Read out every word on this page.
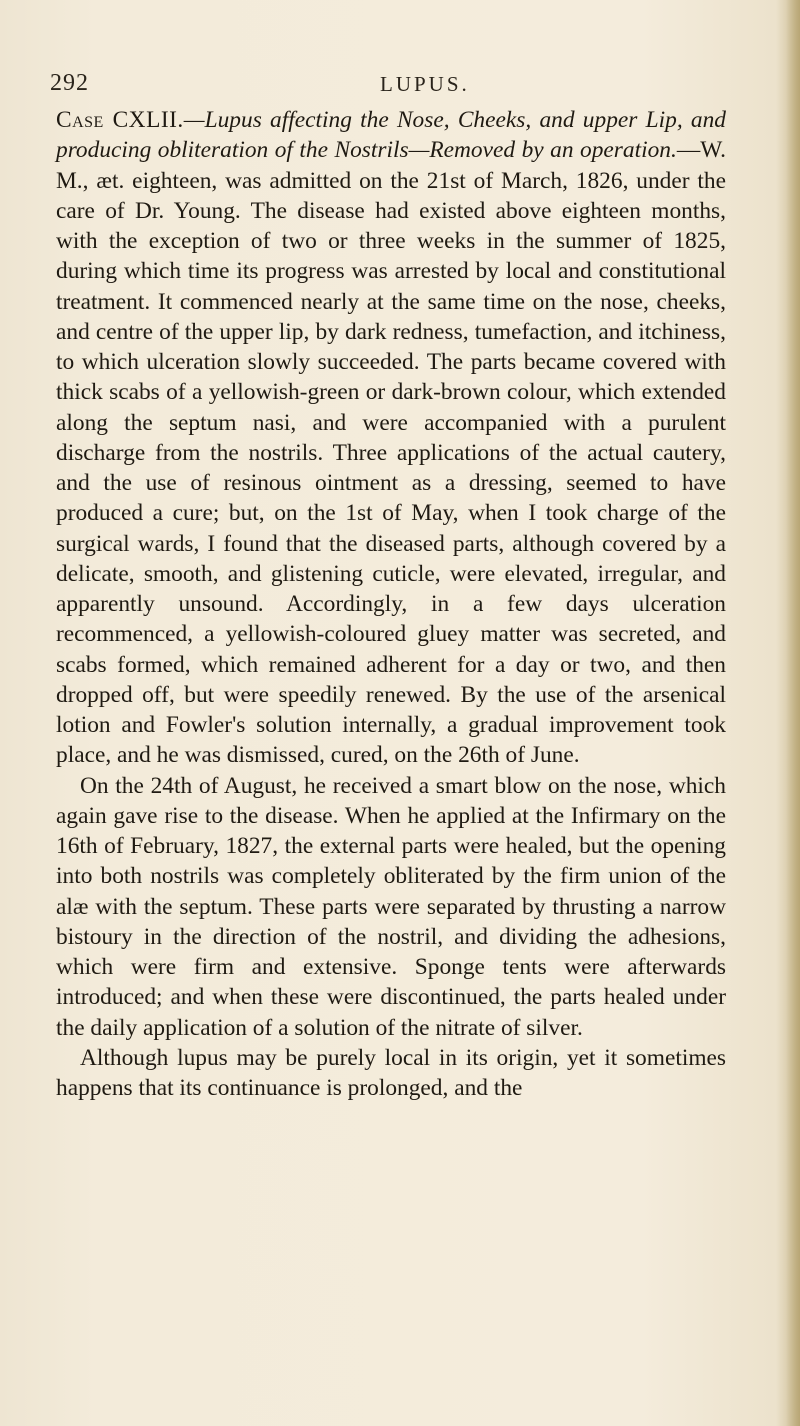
292	LUPUS.

Case CXLII.—Lupus affecting the Nose, Cheeks, and upper Lip, and producing obliteration of the Nostrils—Removed by an operation.—W. M., æt. eighteen, was admitted on the 21st of March, 1826, under the care of Dr. Young. The disease had existed above eighteen months, with the exception of two or three weeks in the summer of 1825, during which time its progress was arrested by local and constitutional treatment. It commenced nearly at the same time on the nose, cheeks, and centre of the upper lip, by dark redness, tumefaction, and itchiness, to which ulceration slowly succeeded. The parts became covered with thick scabs of a yellowish-green or dark-brown colour, which extended along the septum nasi, and were accompanied with a purulent discharge from the nostrils. Three applications of the actual cautery, and the use of resinous ointment as a dressing, seemed to have produced a cure; but, on the 1st of May, when I took charge of the surgical wards, I found that the diseased parts, although covered by a delicate, smooth, and glistening cuticle, were elevated, irregular, and apparently unsound. Accordingly, in a few days ulceration recommenced, a yellowish-coloured gluey matter was secreted, and scabs formed, which remained adherent for a day or two, and then dropped off, but were speedily renewed. By the use of the arsenical lotion and Fowler's solution internally, a gradual improvement took place, and he was dismissed, cured, on the 26th of June.

On the 24th of August, he received a smart blow on the nose, which again gave rise to the disease. When he applied at the Infirmary on the 16th of February, 1827, the external parts were healed, but the opening into both nostrils was completely obliterated by the firm union of the alæ with the septum. These parts were separated by thrusting a narrow bistoury in the direction of the nostril, and dividing the adhesions, which were firm and extensive. Sponge tents were afterwards introduced; and when these were discontinued, the parts healed under the daily application of a solution of the nitrate of silver.

Although lupus may be purely local in its origin, yet it sometimes happens that its continuance is prolonged, and the
